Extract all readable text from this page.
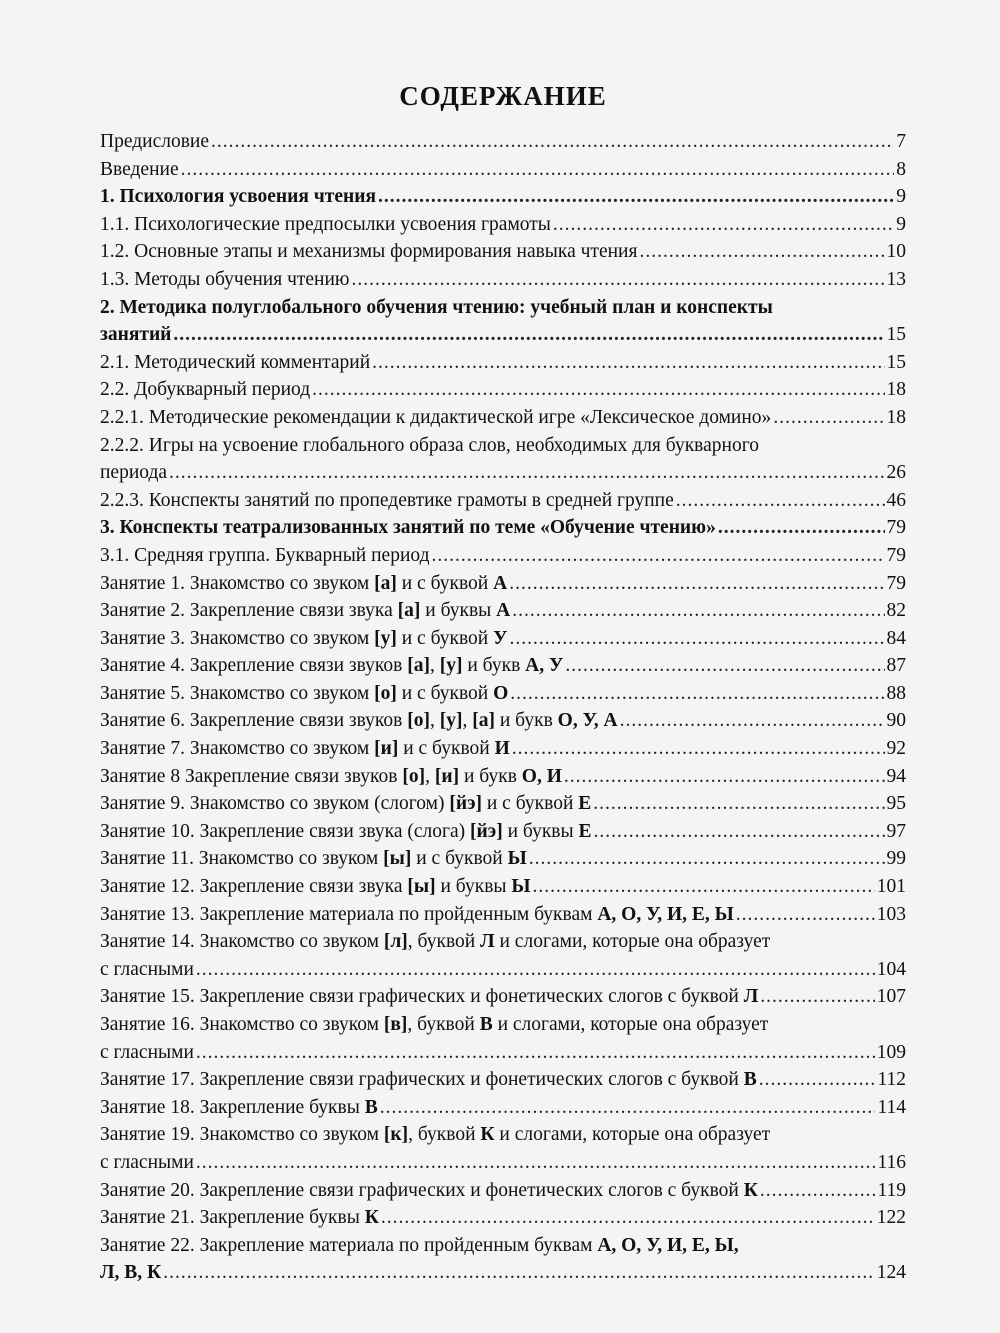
СОДЕРЖАНИЕ
Предисловие .....	7
Введение .....	8
1. Психология усвоения чтения .....	9
1.1. Психологические предпосылки усвоения грамоты .....	9
1.2. Основные этапы и механизмы формирования навыка чтения .....	10
1.3. Методы обучения чтению .....	13
2. Методика полуглобального обучения чтению: учебный план и конспекты
занятий .....	15
2.1. Методический комментарий .....	15
2.2. Добукварный период .....	18
2.2.1. Методические рекомендации к дидактической игре «Лексическое домино» .....	18
2.2.2. Игры на усвоение глобального образа слов, необходимых для букварного
периода .....	26
2.2.3. Конспекты занятий по пропедевтике грамоты в средней группе .....	46
3. Конспекты театрализованных занятий по теме «Обучение чтению» .....	79
3.1. Средняя группа. Букварный период .....	79
Занятие 1. Знакомство со звуком [а] и с буквой А .....	79
Занятие 2. Закрепление связи звука [а] и буквы А .....	82
Занятие 3. Знакомство со звуком [у] и с буквой У .....	84
Занятие 4. Закрепление связи звуков [а], [у] и букв А, У .....	87
Занятие 5. Знакомство со звуком [о] и с буквой О .....	88
Занятие 6. Закрепление связи звуков [о], [у], [а] и букв О, У, А .....	90
Занятие 7. Знакомство со звуком [и] и с буквой И .....	92
Занятие 8 Закрепление связи звуков [о], [и] и букв О, И .....	94
Занятие 9. Знакомство со звуком (слогом) [йэ] и с буквой Е .....	95
Занятие 10. Закрепление связи звука (слога) [йэ] и буквы Е .....	97
Занятие 11. Знакомство со звуком [ы] и с буквой Ы .....	99
Занятие 12. Закрепление связи звука [ы] и буквы Ы .....	101
Занятие 13. Закрепление материала по пройденным буквам А, О, У, И, Е, Ы .....	103
Занятие 14. Знакомство со звуком [л], буквой Л и слогами, которые она образует
с гласными .....	104
Занятие 15. Закрепление связи графических и фонетических слогов с буквой Л .....	107
Занятие 16. Знакомство со звуком [в], буквой В и слогами, которые она образует
с гласными .....	109
Занятие 17. Закрепление связи графических и фонетических слогов с буквой В .....	112
Занятие 18. Закрепление буквы В .....	114
Занятие 19. Знакомство со звуком [к], буквой К и слогами, которые она образует
с гласными .....	116
Занятие 20. Закрепление связи графических и фонетических слогов с буквой К .....	119
Занятие 21. Закрепление буквы К .....	122
Занятие 22. Закрепление материала по пройденным буквам А, О, У, И, Е, Ы,
Л, В, К .....	124
